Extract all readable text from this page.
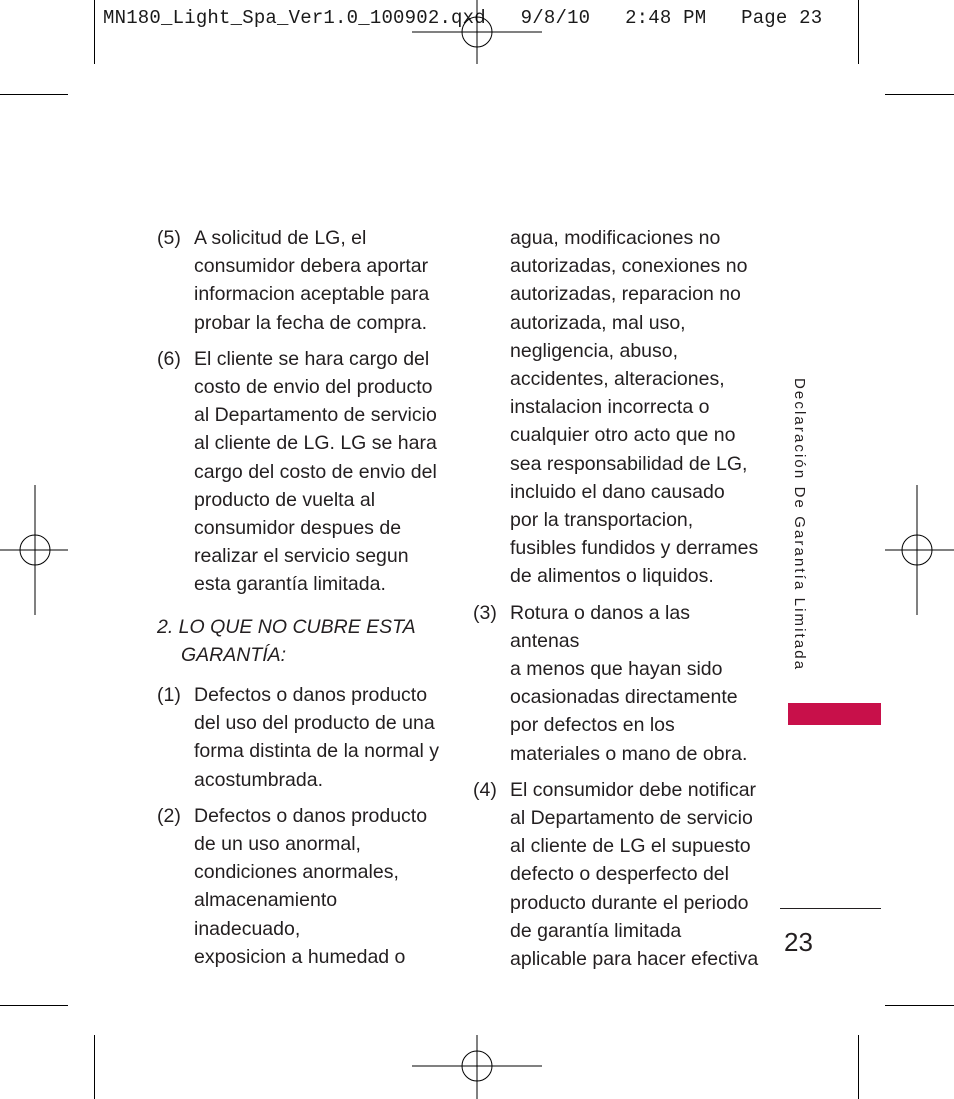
MN180_Light_Spa_Ver1.0_100902.qxd   9/8/10   2:48 PM   Page 23
(5) A solicitud de LG, el
consumidor debera aportar
informacion aceptable para
probar la fecha de compra.
(6) El cliente se hara cargo del
costo de envio del producto
al Departamento de servicio
al cliente de LG. LG se hara
cargo del costo de envio del
producto de vuelta al
consumidor despues de
realizar el servicio segun
esta garantía limitada.
2. LO QUE NO CUBRE ESTA
GARANTÍA:
(1) Defectos o danos producto
del uso del producto de una
forma distinta de la normal y
acostumbrada.
(2) Defectos o danos producto
de un uso anormal,
condiciones anormales,
almacenamiento inadecuado,
exposicion a humedad o
agua, modificaciones no
autorizadas, conexiones no
autorizadas, reparacion no
autorizada, mal uso,
negligencia, abuso,
accidentes, alteraciones,
instalacion incorrecta o
cualquier otro acto que no
sea responsabilidad de LG,
incluido el dano causado
por la transportacion,
fusibles fundidos y derrames
de alimentos o liquidos.
(3) Rotura o danos a las antenas
a menos que hayan sido
ocasionadas directamente
por defectos en los
materiales o mano de obra.
(4) El consumidor debe notificar
al Departamento de servicio
al cliente de LG el supuesto
defecto o desperfecto del
producto durante el periodo
de garantía limitada
aplicable para hacer efectiva
Declaración De Garantía Limitada
23
